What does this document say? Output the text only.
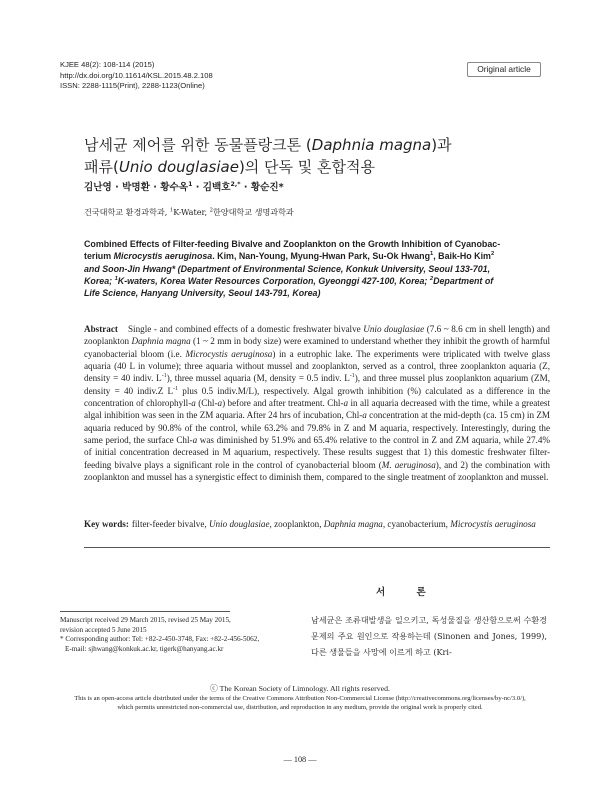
KJEE 48(2): 108-114 (2015)
http://dx.doi.org/10.11614/KSL.2015.48.2.108
ISSN: 2288-1115(Print), 2288-1123(Online)
Original article
남세균 제어를 위한 동물플랑크톤 (Daphnia magna)과
패류(Unio douglasiae)의 단독 및 혼합적용
김난영 · 박명환 · 황수옥$^1$ · 김백호$^{2,*}$ · 황순진*
건국대학교 환경과학과, $^1$K-Water, $^2$한양대학교 생명과학과
Combined Effects of Filter-feeding Bivalve and Zooplankton on the Growth Inhibition of Cyanobac-
terium Microcystis aeruginosa. Kim, Nan-Young, Myung-Hwan Park, Su-Ok Hwang$^1$, Baik-Ho Kim$^2$
and Soon-Jin Hwang* (Department of Environmental Science, Konkuk University, Seoul 133-701,
Korea; $^1$K-waters, Korea Water Resources Corporation, Gyeonggi 427-100, Korea; $^2$Department of
Life Science, Hanyang University, Seoul 143-791, Korea)
Abstract Single - and combined effects of a domestic freshwater bivalve Unio douglasiae (7.6 ~ 8.6 cm in shell length) and zooplankton Daphnia magna (1 ~ 2 mm in body size) were examined to understand whether they inhibit the growth of harmful cyanobacterial bloom (i.e. Microcystis aeruginosa) in a eutrophic lake. The experiments were triplicated with twelve glass aquaria (40 L in volume); three aquaria without mussel and zooplankton, served as a control, three zooplankton aquaria (Z, density = 40 indiv. $L^{-1}$), three mussel aquaria (M, density = 0.5 indiv. $L^{-1}$), and three mussel plus zooplankton aquarium (ZM, density = 40 indiv.Z $L^{-1}$ plus 0.5 indiv.M/L), respectively. Algal growth inhibition (%) calculated as a difference in the concentration of chlorophyll-a (Chl-a) before and after treatment. Chl-a in all aquaria decreased with the time, while a greatest algal inhibition was seen in the ZM aquaria. After 24 hrs of incubation, Chl-a concentration at the mid-depth (ca. 15 cm) in ZM aquaria reduced by 90.8% of the control, while 63.2% and 79.8% in Z and M aquaria, respectively. Interestingly, during the same period, the surface Chl-a was diminished by 51.9% and 65.4% relative to the control in Z and ZM aquaria, while 27.4% of initial concentration decreased in M aquarium, respectively. These results suggest that 1) this domestic freshwater filter-feeding bivalve plays a significant role in the control of cyanobacterial bloom (M. aeruginosa), and 2) the combination with zooplankton and mussel has a synergistic effect to diminish them, compared to the single treatment of zooplankton and mussel.
Key words: filter-feeder bivalve, Unio douglasiae, zooplankton, Daphnia magna, cyanobacterium, Microcystis aeruginosa
서 론
남세균은 조류대발생을 일으키고, 독성물질을 생산함으로써 수환경문제의 주요 원인으로 작용하는데 (Sinonen and Jones, 1999), 다른 생물들을 사망에 이르게 하고 (Kri-
Manuscript received 29 March 2015, revised 25 May 2015,
revision accepted 5 June 2015
* Corresponding author: Tel: +82-2-450-3748, Fax: +82-2-456-5062,
E-mail: sjhwang@konkuk.ac.kr, tigerk@hanyang.ac.kr
ⓒ The Korean Society of Limnology. All rights reserved.
This is an open-access article distributed under the terms of the Creative Commons Attribution Non-Commercial License (http://creativecommons.org/licenses/by-nc/3.0/),
which permits unrestricted non-commercial use, distribution, and reproduction in any medium, provide the original work is properly cited.
— 108 —
